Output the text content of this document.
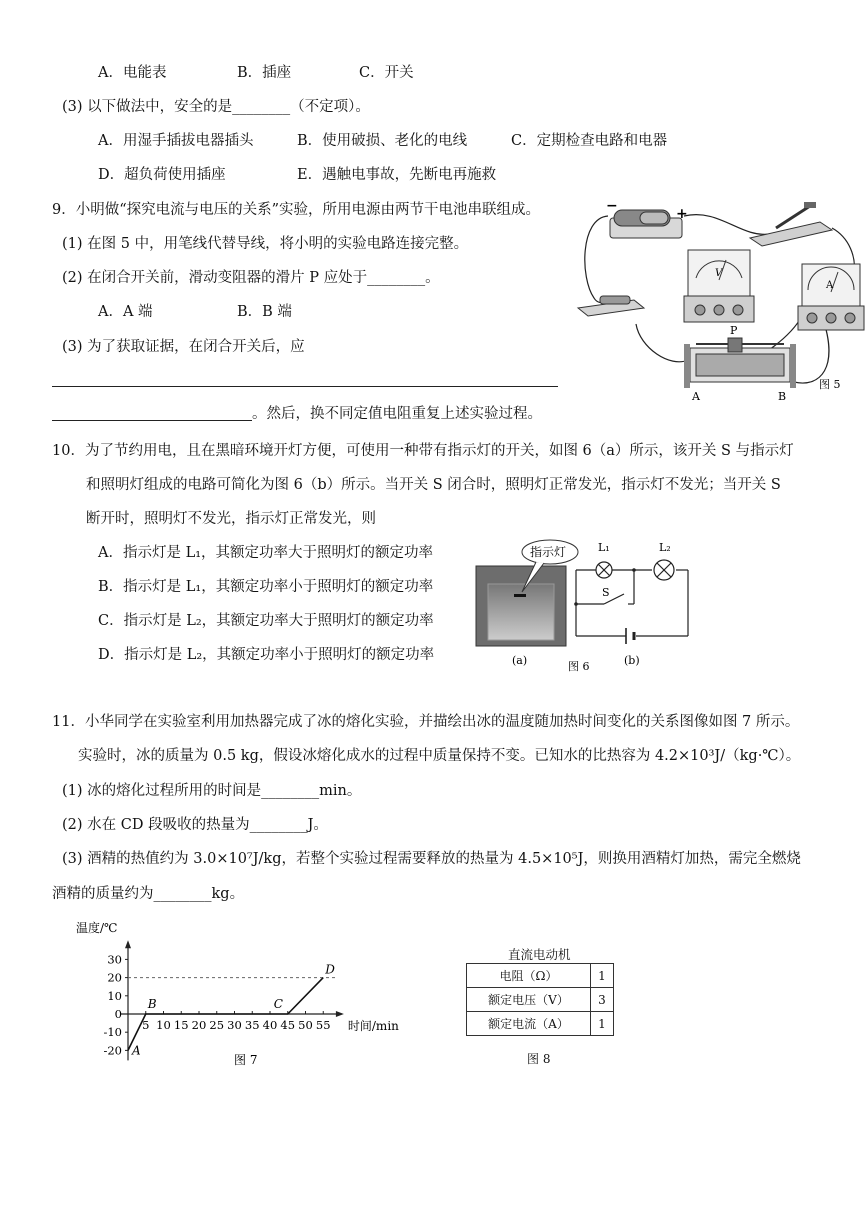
A．电能表	B．插座	C．开关
(3) 以下做法中，安全的是________（不定项）。
A．用湿手插拔电器插头	B．使用破损、老化的电线	C．定期检查电路和电器
D．超负荷使用插座	E．遇触电事故，先断电再施救
9．小明做“探究电流与电压的关系”实验，所用电源由两节干电池串联组成。
(1) 在图 5 中，用笔线代替导线，将小明的实验电路连接完整。
(2) 在闭合开关前，滑动变阻器的滑片 P 应处于________。
A．A 端	B．B 端
(3) 为了获取证据，在闭合开关后，应
。然后，换不同定值电阻重复上述实验过程。
−	+
V
A
P
A	B
图 5
10．为了节约用电，且在黑暗环境开灯方便，可使用一种带有指示灯的开关，如图 6（a）所示，该开关 S 与指示灯
和照明灯组成的电路可简化为图 6（b）所示。当开关 S 闭合时，照明灯正常发光，指示灯不发光；当开关 S
断开时，照明灯不发光，指示灯正常发光，则
A．指示灯是 L₁，其额定功率大于照明灯的额定功率
B．指示灯是 L₁，其额定功率小于照明灯的额定功率
C．指示灯是 L₂，其额定功率大于照明灯的额定功率
D．指示灯是 L₂，其额定功率小于照明灯的额定功率
指示灯
(a)
L₁	L₂
S
图 6	(b)
11．小华同学在实验室利用加热器完成了冰的熔化实验，并描绘出冰的温度随加热时间变化的关系图像如图 7 所示。
实验时，冰的质量为 0.5 kg，假设冰熔化成水的过程中质量保持不变。已知水的比热容为 4.2×10³J/（kg·℃）。
(1) 冰的熔化过程所用的时间是________min。
(2) 水在 CD 段吸收的热量为________J。
(3) 酒精的热值约为 3.0×10⁷J/kg，若整个实验过程需要释放的热量为 4.5×10⁵J，则换用酒精灯加热，需完全燃烧
酒精的质量约为________kg。
温度/℃
时间/min
-20
-10
0
10
20
30
5 10 15 20 25 30 35 40 45 50 55
A
B	C
D
图 7
直流电动机
电阻（Ω）	1
额定电压（V）	3
额定电流（A）	1
图 8
